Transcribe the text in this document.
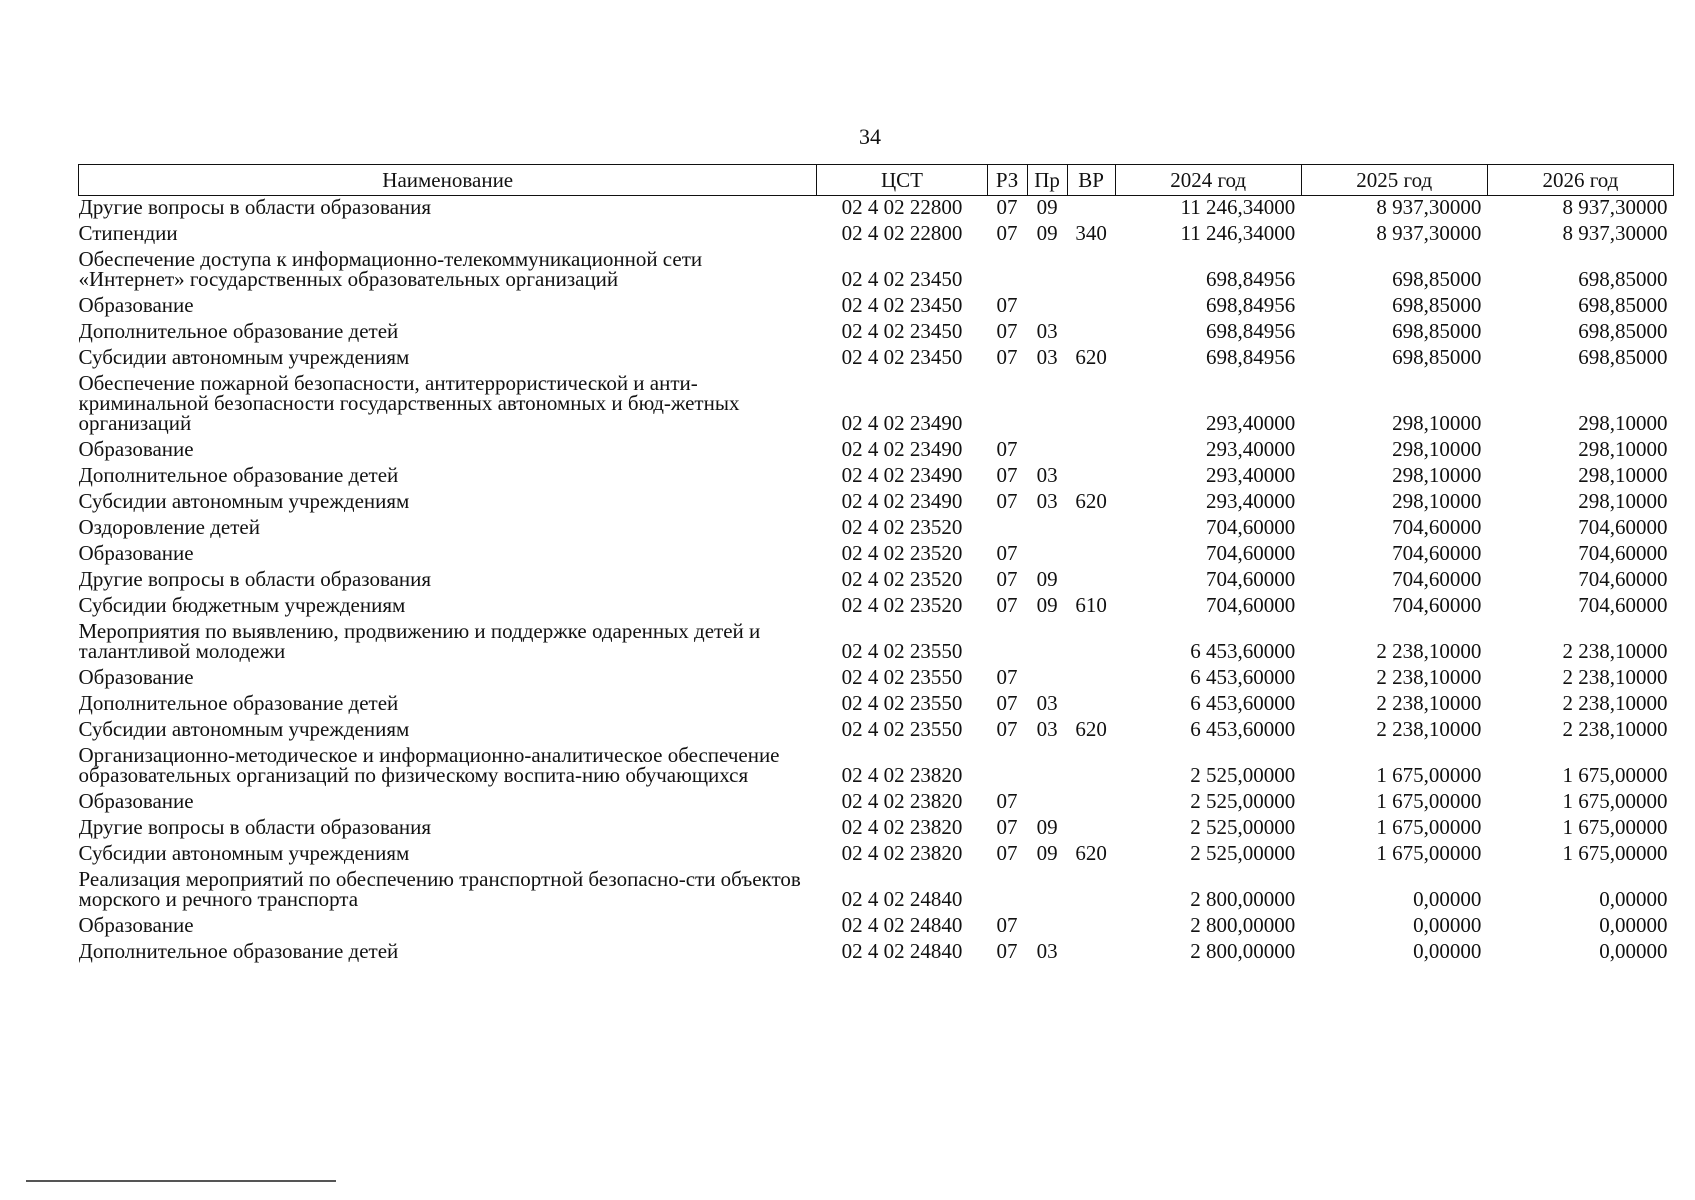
34
Наименование	ЦСТ	РЗ	Пр	ВР	2024 год	2025 год	2026 год
Другие вопросы в области образования	02 4 02 22800	07	09		11 246,34000	8 937,30000	8 937,30000
Стипендии	02 4 02 22800	07	09	340	11 246,34000	8 937,30000	8 937,30000
Обеспечение доступа к информационно-телекоммуникационной сети «Интернет» государственных образовательных организаций	02 4 02 23450				698,84956	698,85000	698,85000
Образование	02 4 02 23450	07			698,84956	698,85000	698,85000
Дополнительное образование детей	02 4 02 23450	07	03		698,84956	698,85000	698,85000
Субсидии автономным учреждениям	02 4 02 23450	07	03	620	698,84956	698,85000	698,85000
Обеспечение пожарной безопасности, антитеррористической и анти-криминальной безопасности государственных автономных и бюд-жетных организаций	02 4 02 23490				293,40000	298,10000	298,10000
Образование	02 4 02 23490	07			293,40000	298,10000	298,10000
Дополнительное образование детей	02 4 02 23490	07	03		293,40000	298,10000	298,10000
Субсидии автономным учреждениям	02 4 02 23490	07	03	620	293,40000	298,10000	298,10000
Оздоровление детей	02 4 02 23520				704,60000	704,60000	704,60000
Образование	02 4 02 23520	07			704,60000	704,60000	704,60000
Другие вопросы в области образования	02 4 02 23520	07	09		704,60000	704,60000	704,60000
Субсидии бюджетным учреждениям	02 4 02 23520	07	09	610	704,60000	704,60000	704,60000
Мероприятия по выявлению, продвижению и поддержке одаренных детей и талантливой молодежи	02 4 02 23550				6 453,60000	2 238,10000	2 238,10000
Образование	02 4 02 23550	07			6 453,60000	2 238,10000	2 238,10000
Дополнительное образование детей	02 4 02 23550	07	03		6 453,60000	2 238,10000	2 238,10000
Субсидии автономным учреждениям	02 4 02 23550	07	03	620	6 453,60000	2 238,10000	2 238,10000
Организационно-методическое и информационно-аналитическое обеспечение образовательных организаций по физическому воспита-нию обучающихся	02 4 02 23820				2 525,00000	1 675,00000	1 675,00000
Образование	02 4 02 23820	07			2 525,00000	1 675,00000	1 675,00000
Другие вопросы в области образования	02 4 02 23820	07	09		2 525,00000	1 675,00000	1 675,00000
Субсидии автономным учреждениям	02 4 02 23820	07	09	620	2 525,00000	1 675,00000	1 675,00000
Реализация мероприятий по обеспечению транспортной безопасно-сти объектов морского и речного транспорта	02 4 02 24840				2 800,00000	0,00000	0,00000
Образование	02 4 02 24840	07			2 800,00000	0,00000	0,00000
Дополнительное образование детей	02 4 02 24840	07	03		2 800,00000	0,00000	0,00000
